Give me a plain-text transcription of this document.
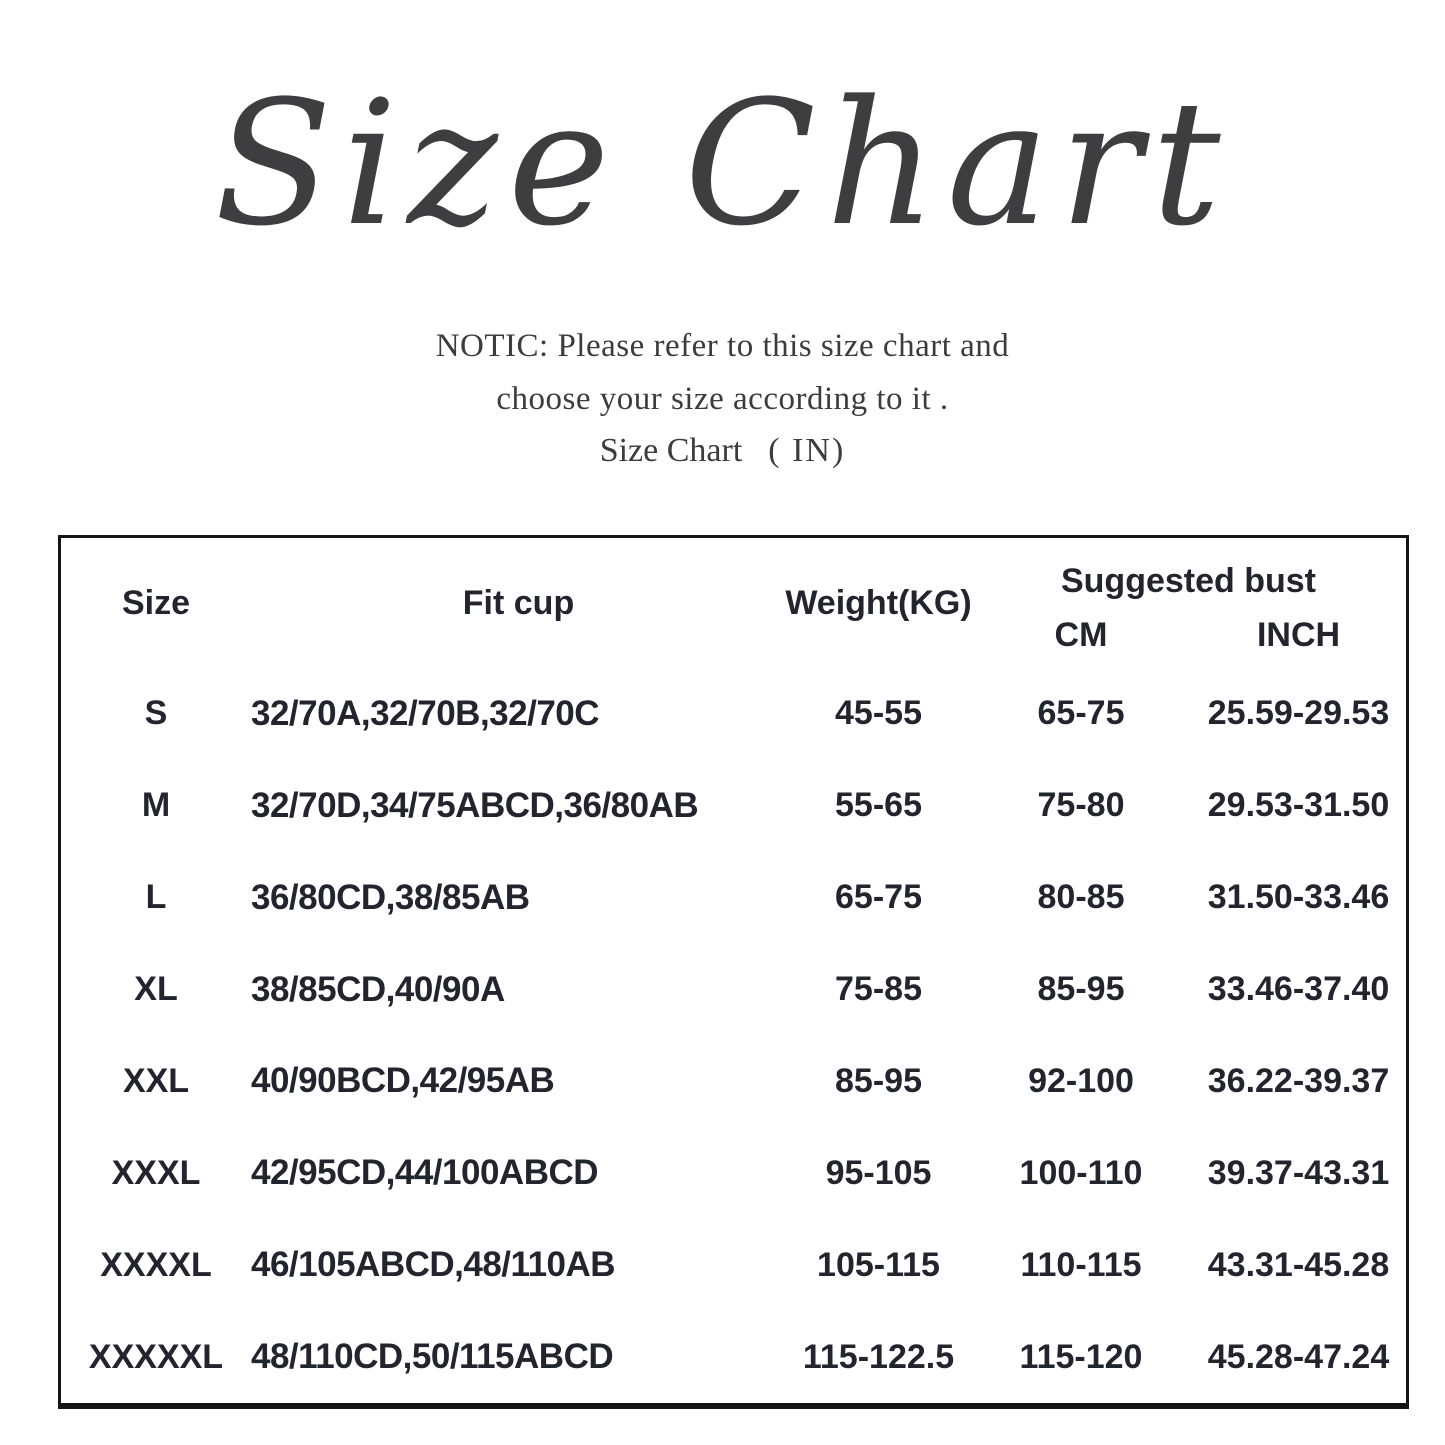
Size Chart
NOTIC: Please refer to this size chart and
choose your size according to it .
Size Chart ( IN)
Size	Fit cup	Weight(KG)
Suggested bust
CM	INCH
S	32/70A,32/70B,32/70C	45-55	65-75	25.59-29.53
M	32/70D,34/75ABCD,36/80AB	55-65	75-80	29.53-31.50
L	36/80CD,38/85AB	65-75	80-85	31.50-33.46
XL	38/85CD,40/90A	75-85	85-95	33.46-37.40
XXL	40/90BCD,42/95AB	85-95	92-100	36.22-39.37
XXXL	42/95CD,44/100ABCD	95-105	100-110	39.37-43.31
XXXXL	46/105ABCD,48/110AB	105-115	110-115	43.31-45.28
XXXXXL 48/110CD,50/115ABCD	115-122.5	115-120	45.28-47.24
